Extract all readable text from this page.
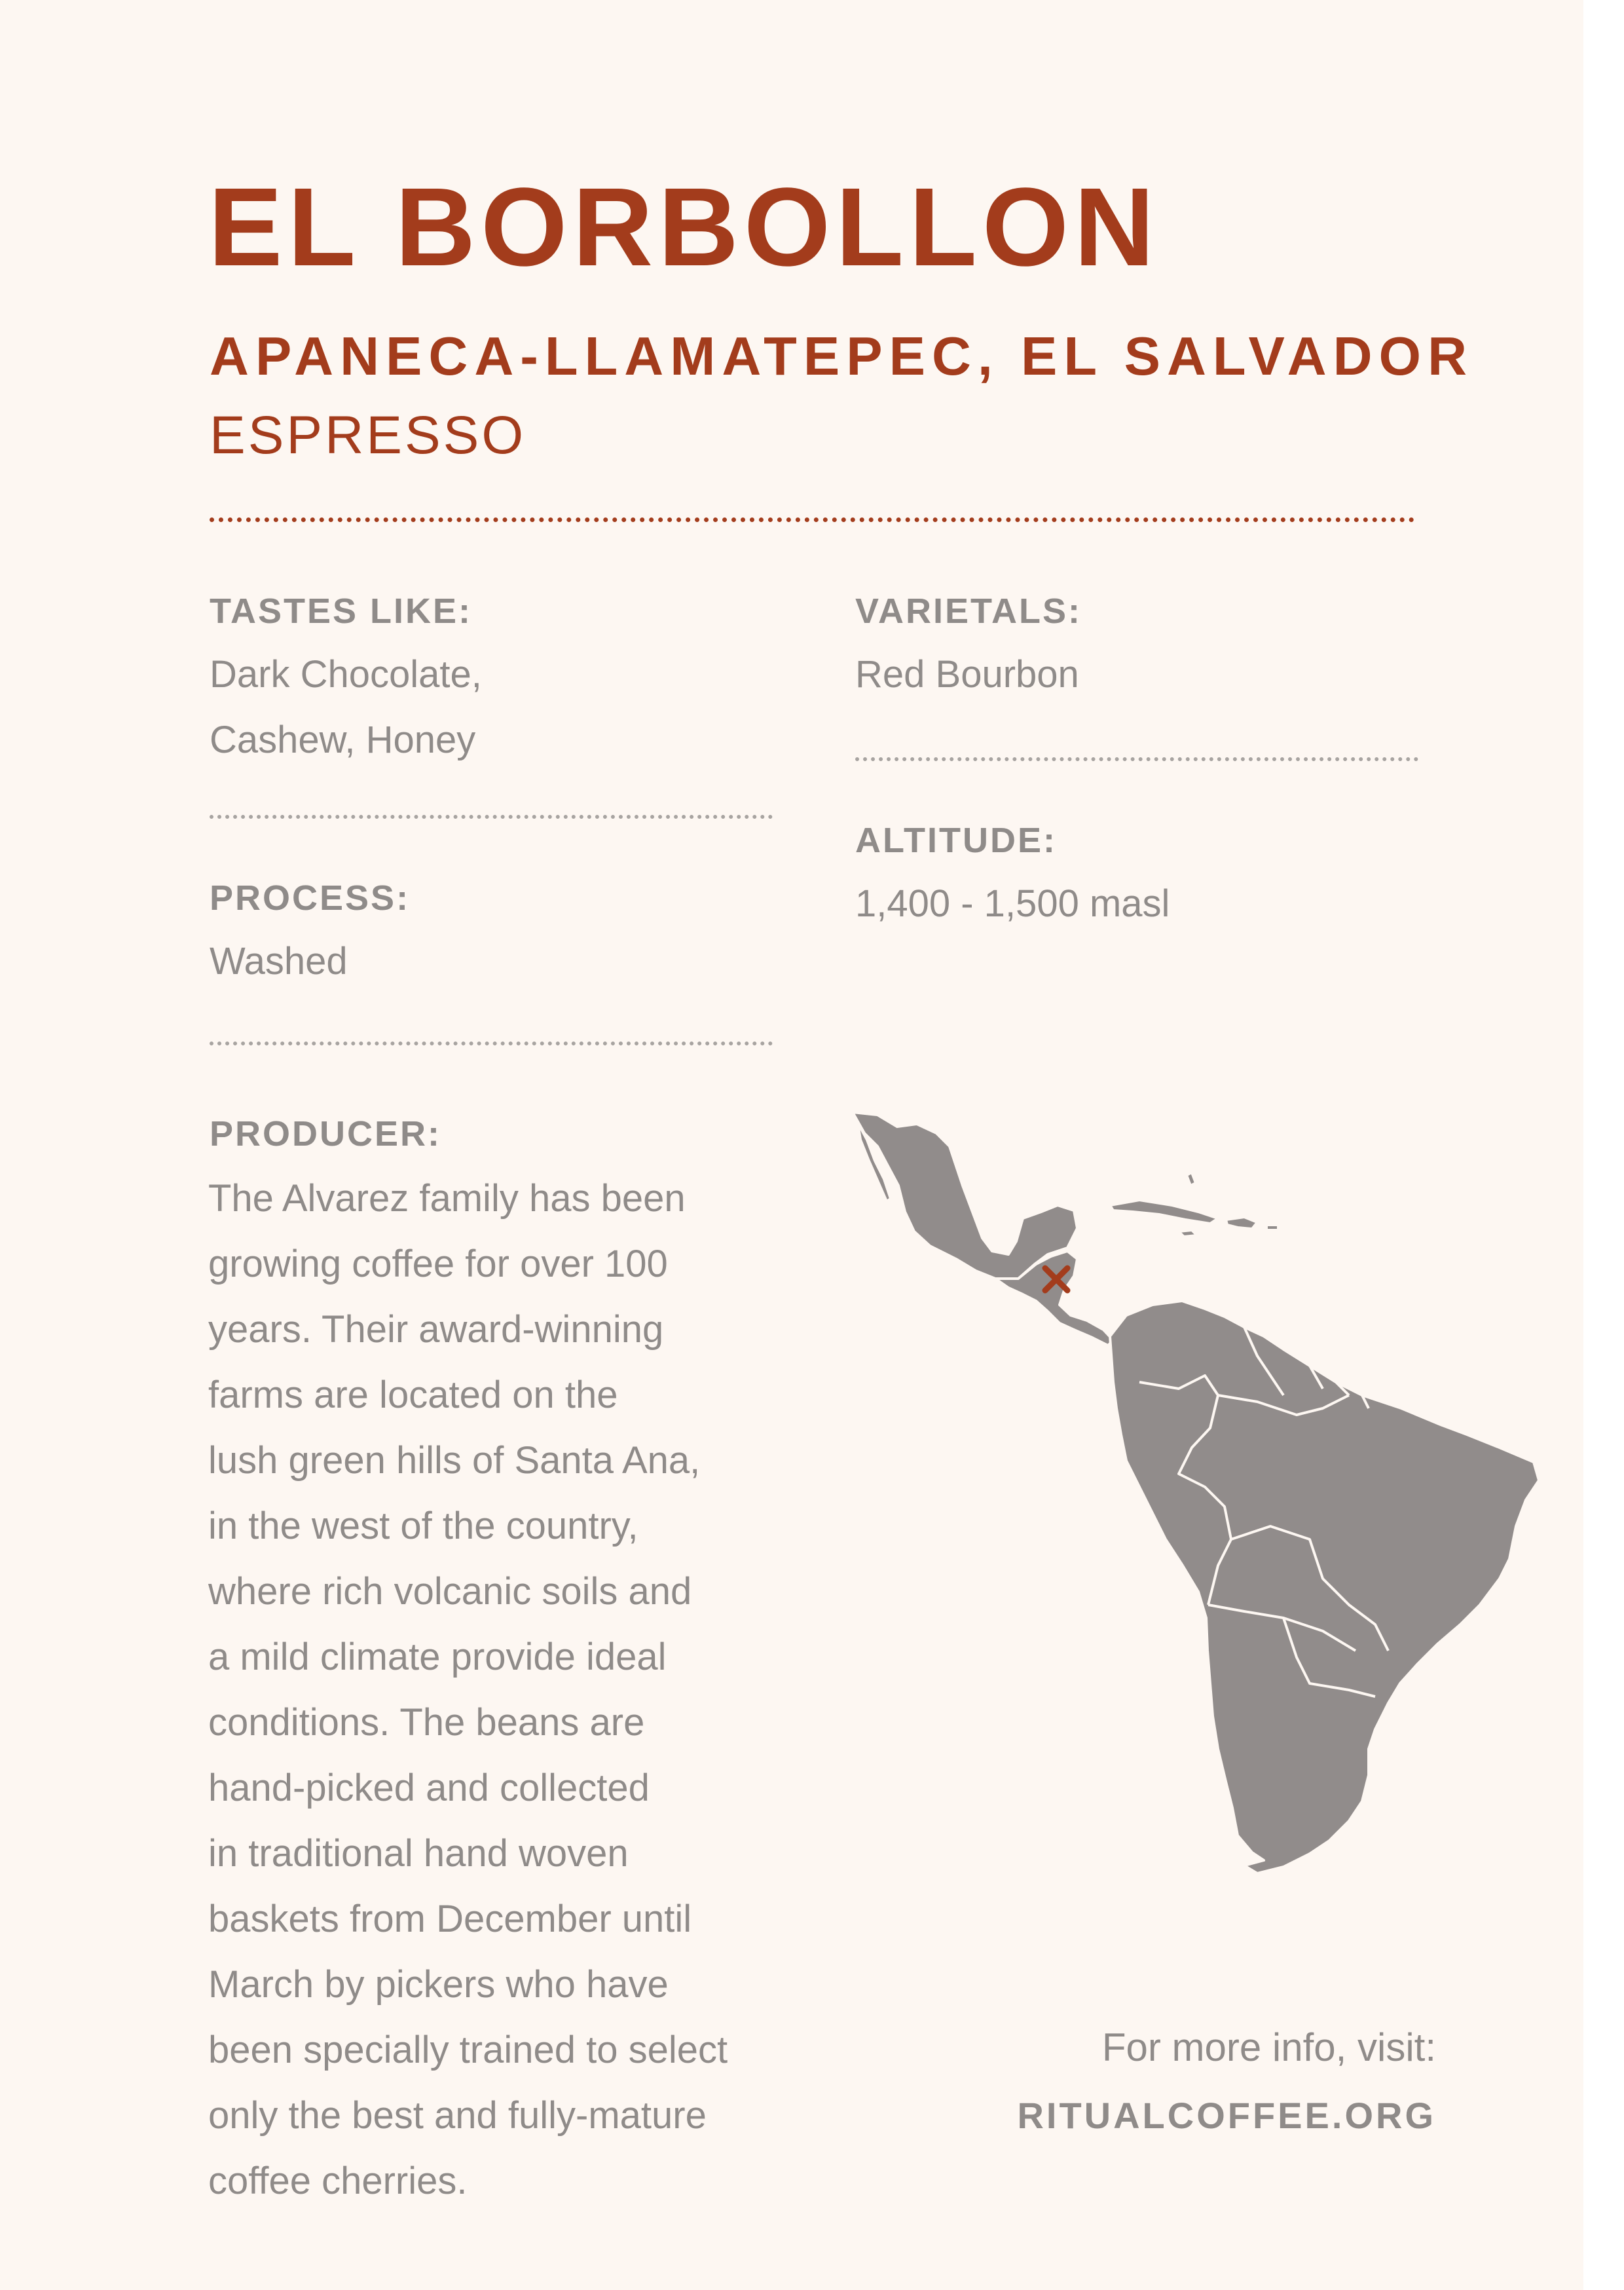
EL BORBOLLON
APANECA-LLAMATEPEC, EL SALVADOR
ESPRESSO
TASTES LIKE:
Dark Chocolate,
Cashew, Honey
PROCESS:
Washed
VARIETALS:
Red Bourbon
ALTITUDE:
1,400 - 1,500 masl
PRODUCER:
The Alvarez family has been
growing coffee for over 100
years. Their award-winning
farms are located on the
lush green hills of Santa Ana,
in the west of the country,
where rich volcanic soils and
a mild climate provide ideal
conditions. The beans are
hand-picked and collected
in traditional hand woven
baskets from December until
March by pickers who have
been specially trained to select
only the best and fully-mature
coffee cherries.
For more info, visit:
RITUALCOFFEE.ORG
